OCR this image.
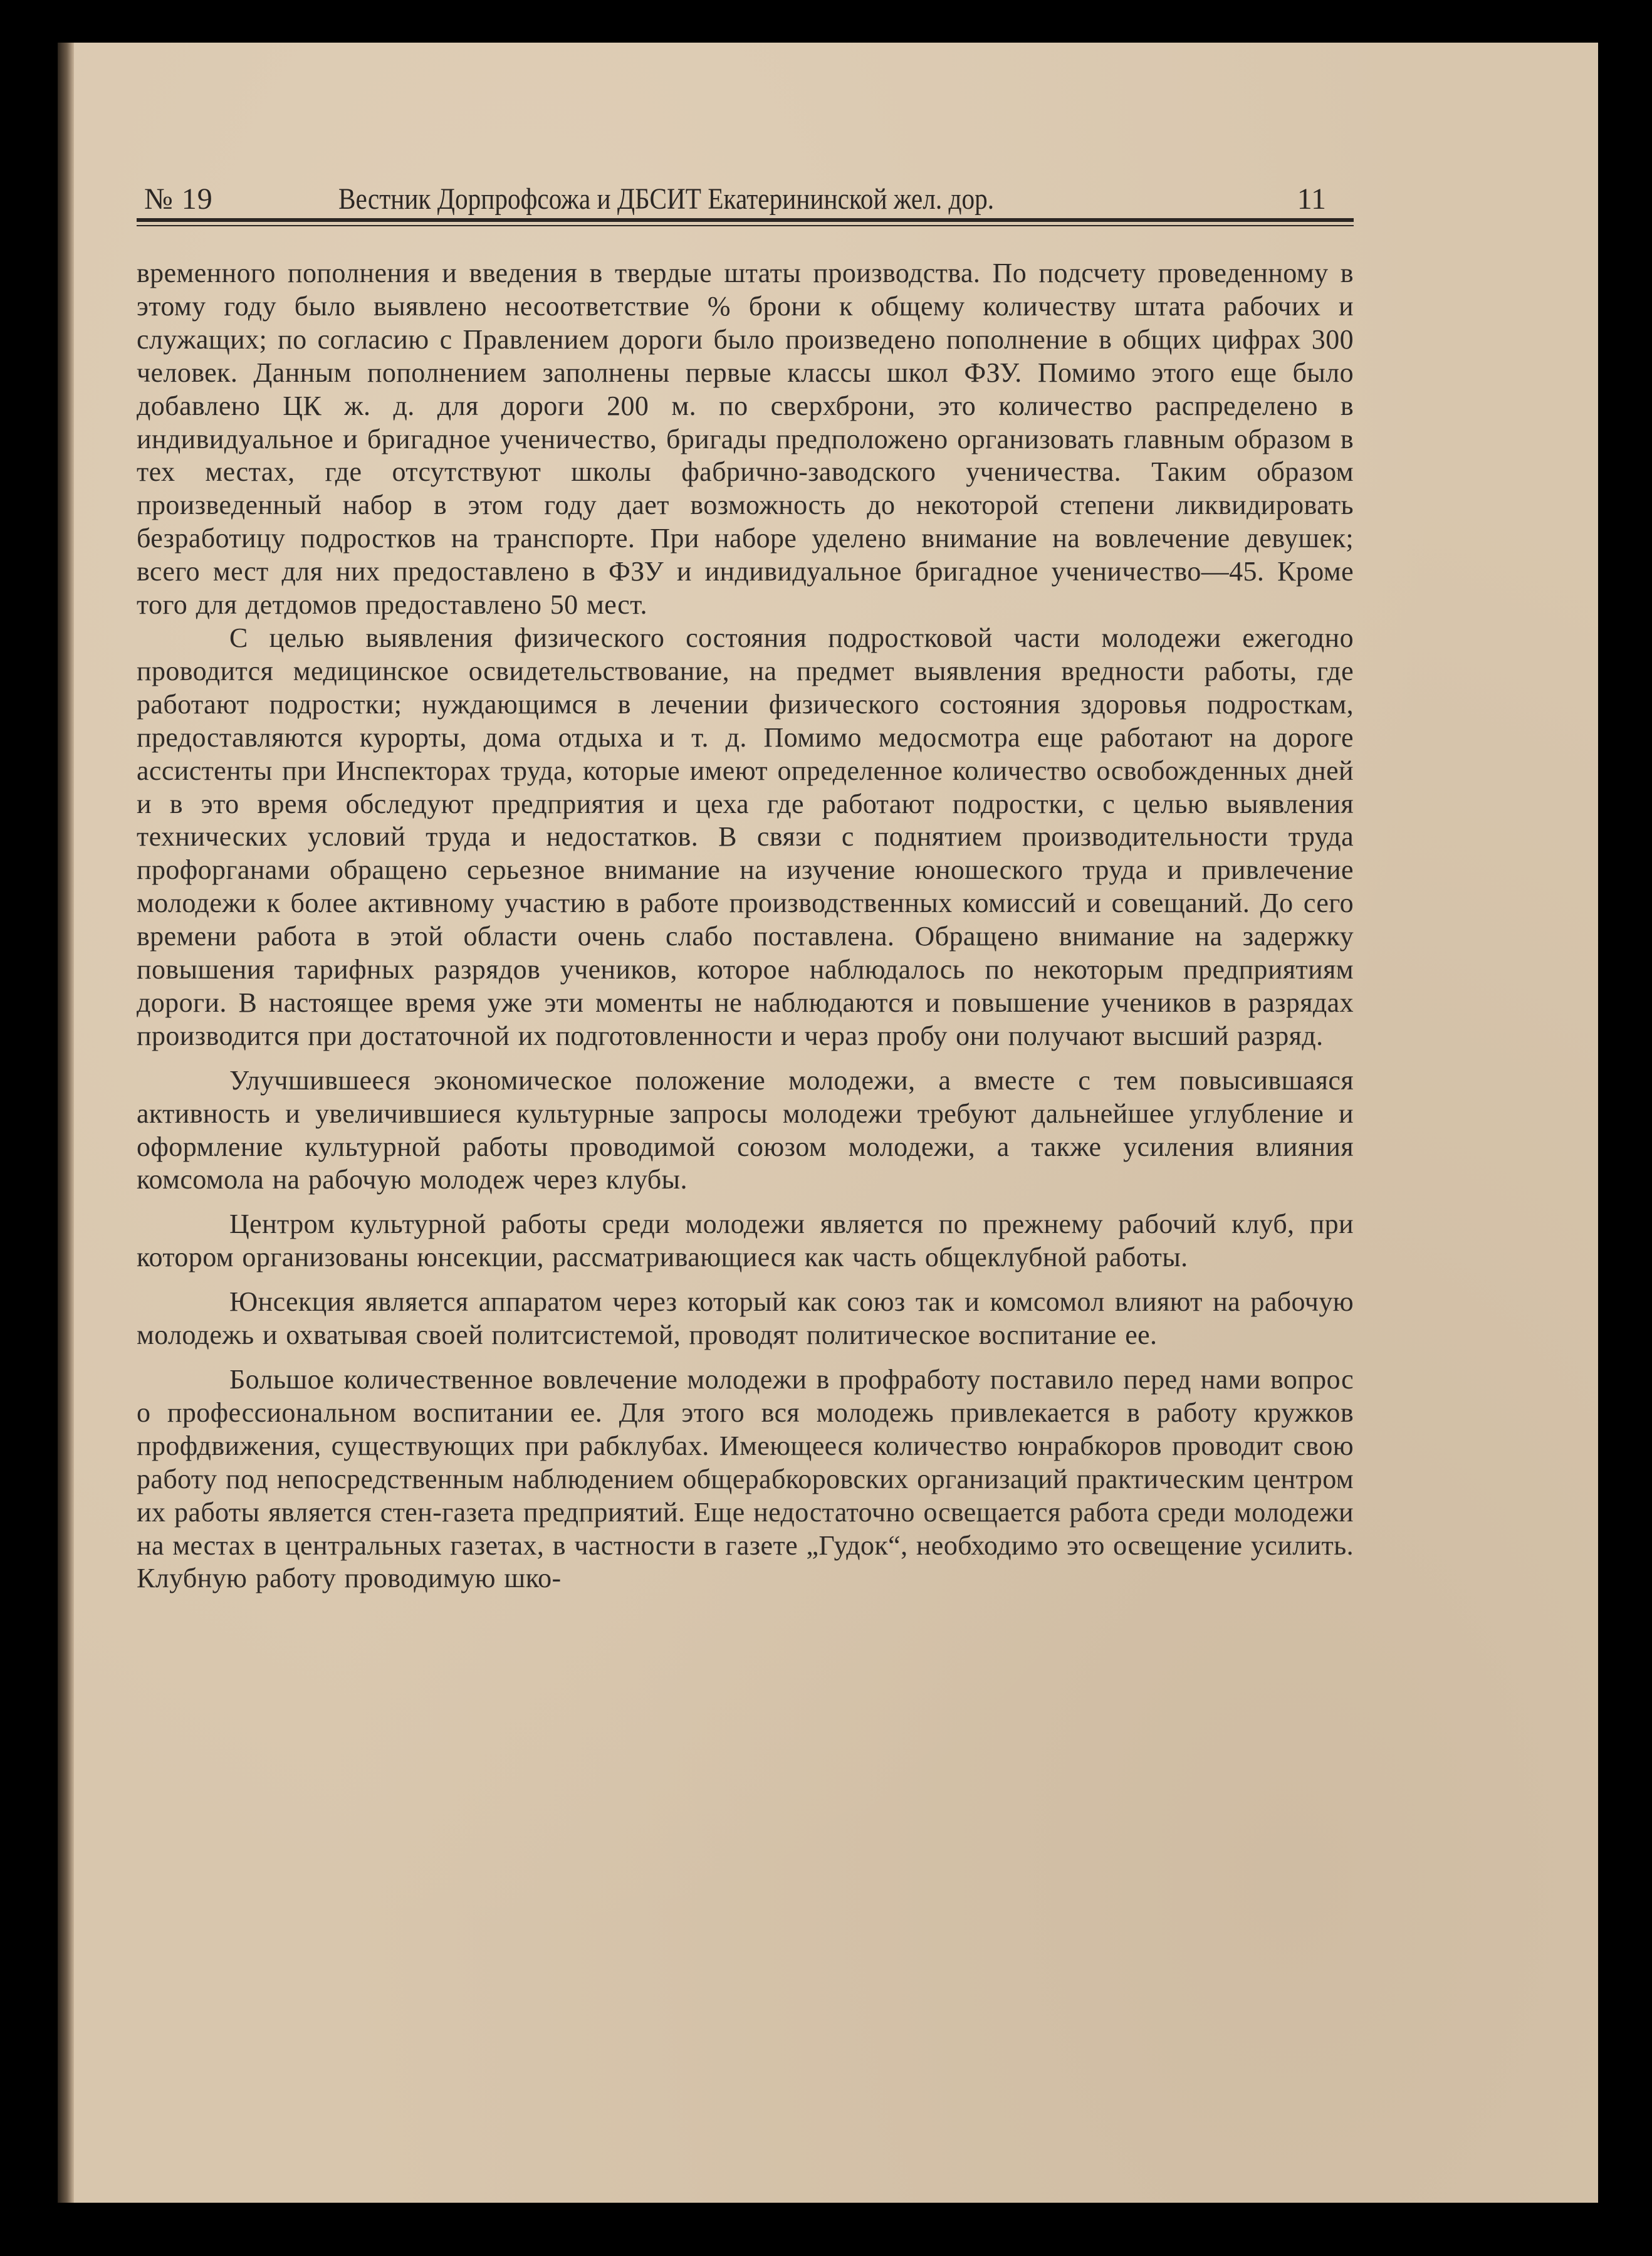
№ 19	Вестник Дорпрофсожа и ДБСИТ Екатерининской жел. дор.	11

временного пополнения и введения в твердые штаты производства. По подсчету проведенному в этому году было выявлено несоответствие % брони к общему количеству штата рабочих и служащих; по согласию с Правлением дороги было произведено пополнение в общих цифрах 300 человек. Данным пополнением заполнены первые классы школ ФЗУ. Помимо этого еще было добавлено ЦК ж. д. для дороги 200 м. по сверхброни, это количество распределено в индивидуальное и бригадное ученичество, бригады предположено организовать главным образом в тех местах, где отсутствуют школы фабрично-заводского ученичества. Таким образом произведенный набор в этом году дает возможность до некоторой степени ликвидировать безработицу подростков на транспорте. При наборе уделено внимание на вовлечение девушек; всего мест для них предоставлено в ФЗУ и индивидуальное бригадное ученичество—45. Кроме того для детдомов предоставлено 50 мест.

С целью выявления физического состояния подростковой части молодежи ежегодно проводится медицинское освидетельствование, на предмет выявления вредности работы, где работают подростки; нуждающимся в лечении физического состояния здоровья подросткам, предоставляются курорты, дома отдыха и т. д. Помимо медосмотра еще работают на дороге ассистенты при Инспекторах труда, которые имеют определенное количество освобожденных дней и в это время обследуют предприятия и цеха где работают подростки, с целью выявления технических условий труда и недостатков. В связи с поднятием производительности труда профорганами обращено серьезное внимание на изучение юношеского труда и привлечение молодежи к более активному участию в работе производственных комиссий и совещаний. До сего времени работа в этой области очень слабо поставлена. Обращено внимание на задержку повышения тарифных разрядов учеников, которое наблюдалось по некоторым предприятиям дороги. В настоящее время уже эти моменты не наблюдаются и повышение учеников в разрядах производится при достаточной их подготовленности и чераз пробу они получают высший разряд.

Улучшившееся экономическое положение молодежи, а вместе с тем повысившаяся активность и увеличившиеся культурные запросы молодежи требуют дальнейшее углубление и оформление культурной работы проводимой союзом молодежи, а также усиления влияния комсомола на рабочую молодеж через клубы.

Центром культурной работы среди молодежи является по прежнему рабочий клуб, при котором организованы юнсекции, рассматривающиеся как часть общеклубной работы.

Юнсекция является аппаратом через который как союз так и комсомол влияют на рабочую молодежь и охватывая своей политсистемой, проводят политическое воспитание ее.

Большое количественное вовлечение молодежи в профработу поставило перед нами вопрос о профессиональном воспитании ее. Для этого вся молодежь привлекается в работу кружков профдвижения, существующих при рабклубах. Имеющееся количество юнрабкоров проводит свою работу под непосредственным наблюдением общерабкоровских организаций практическим центром их работы является стен-газета предприятий. Еще недостаточно освещается работа среди молодежи на местах в центральных газетах, в частности в газете „Гудок“, необходимо это освещение усилить. Клубную работу проводимую шко-
